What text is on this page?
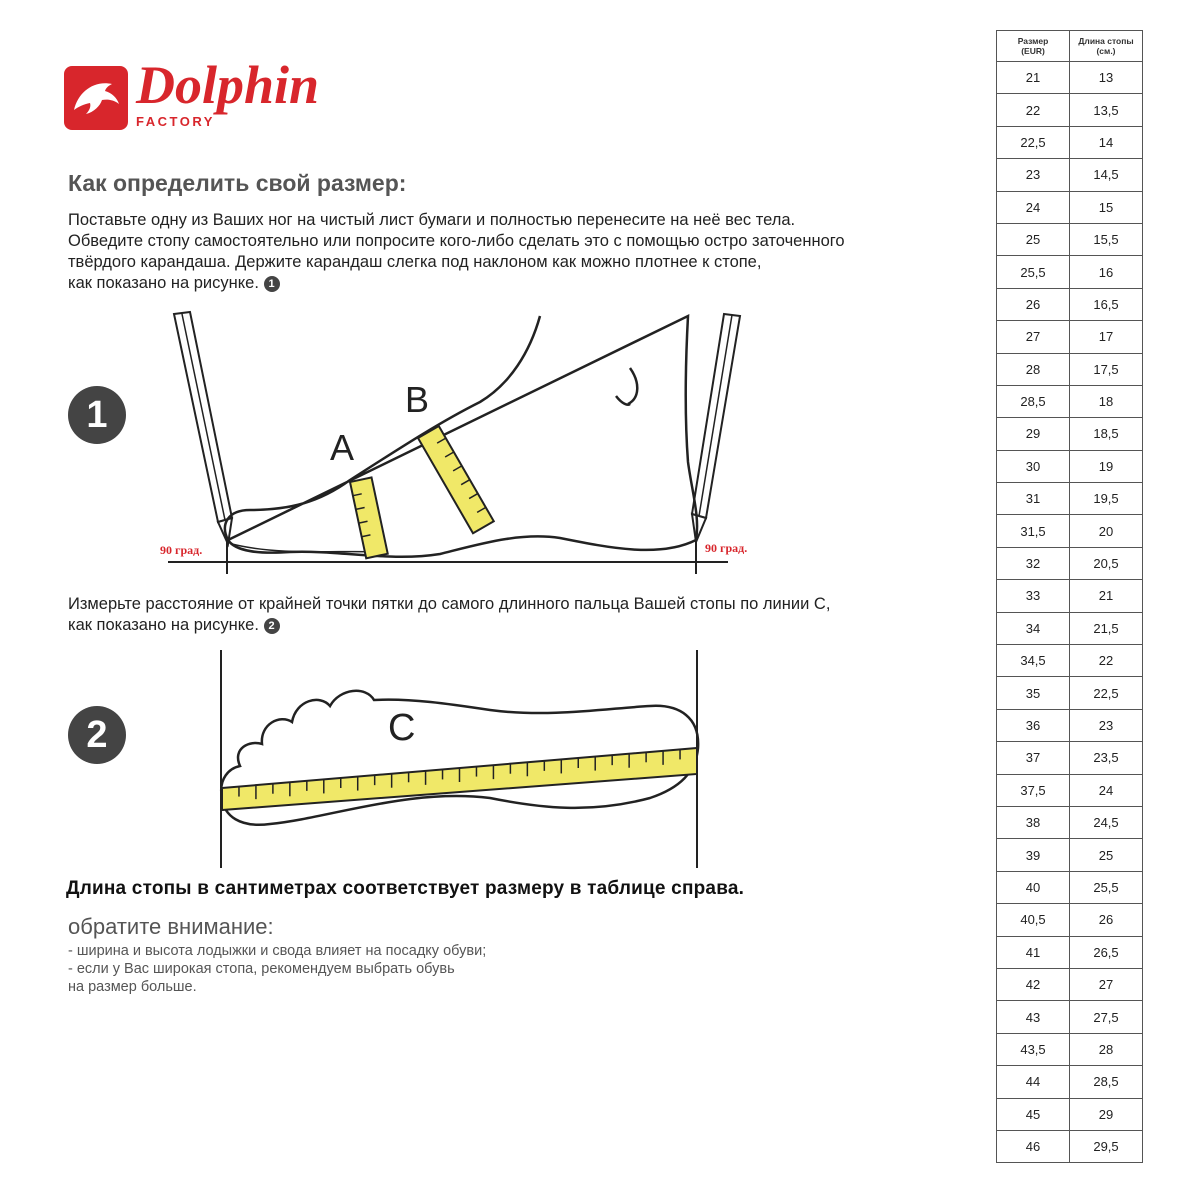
Dolphin
FACTORY
Как определить свой размер:
Поставьте одну из Ваших ног на чистый лист бумаги и полностью перенесите на неё вес тела.
Обведите стопу самостоятельно или попросите кого-либо сделать это с помощью остро заточенного
твёрдого карандаша. Держите карандаш слегка под наклоном как можно плотнее к стопе,
как показано на рисунке. 1
1
A
B
90 град.	90 град.
Измерьте расстояние от крайней точки пятки до самого длинного пальца Вашей стопы по линии С,
как показано на рисунке. 2
2	C
Длина стопы в сантиметрах соответствует размеру в таблице справа.
обратите внимание:
- ширина и высота лодыжки и свода влияет на посадку обуви;
- если у Вас широкая стопа, рекомендуем выбрать обувь
на размер больше.
Размер
(EUR)	Длина стопы
(см.)
21	13
22	13,5
22,5	14
23	14,5
24	15
25	15,5
25,5	16
26	16,5
27	17
28	17,5
28,5	18
29	18,5
30	19
31	19,5
31,5	20
32	20,5
33	21
34	21,5
34,5	22
35	22,5
36	23
37	23,5
37,5	24
38	24,5
39	25
40	25,5
40,5	26
41	26,5
42	27
43	27,5
43,5	28
44	28,5
45	29
46	29,5
